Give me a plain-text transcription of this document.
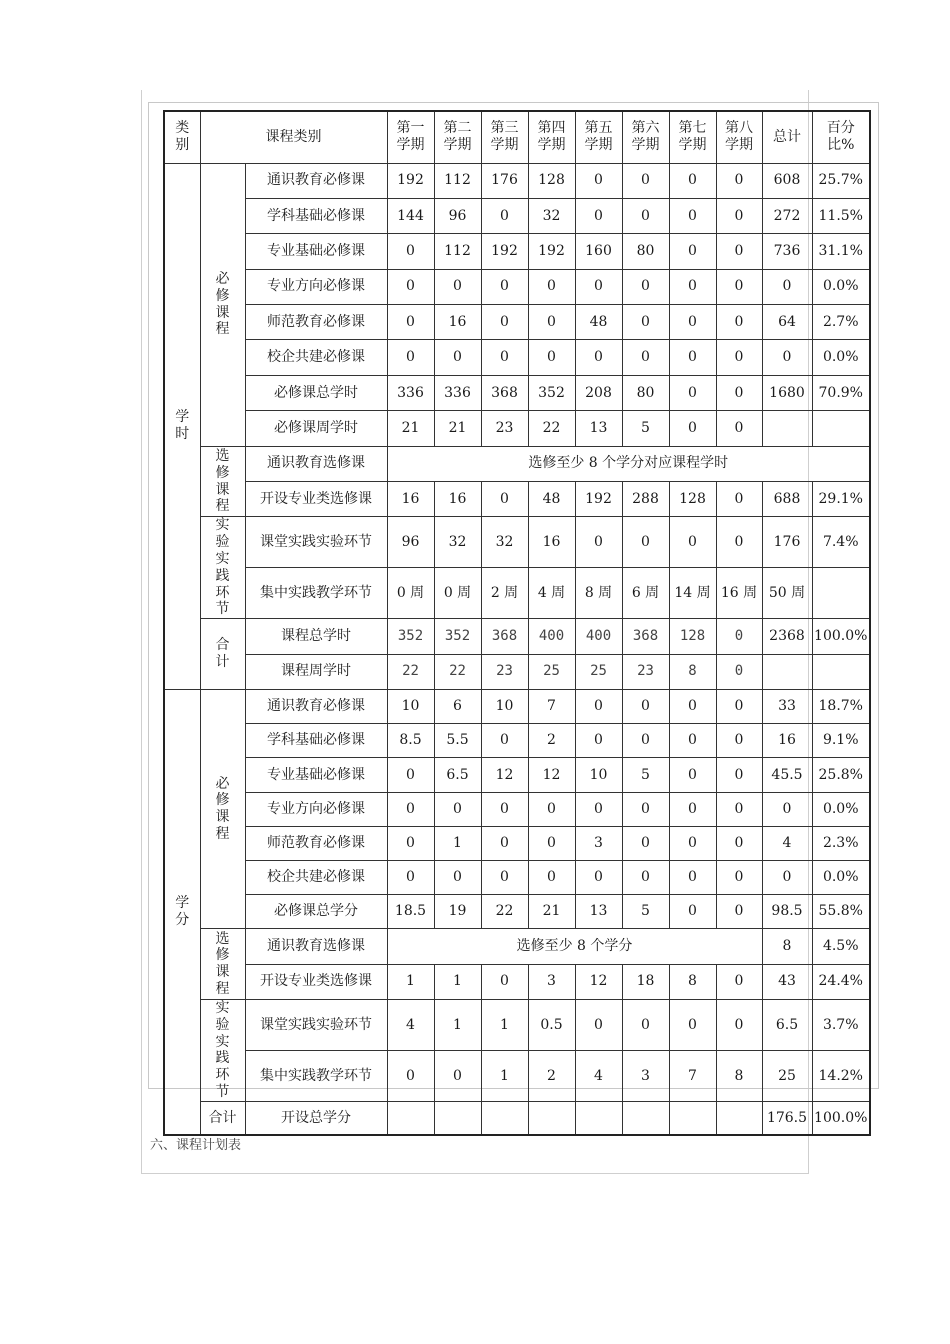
类别	课程类别		第一学期	第二学期	第三学期	第四学期	第五学期	第六学期	第七学期	第八学期	总计	百分比%
学
时	必修课程	通识教育必修课	192	112	176	128	0	0	0	0	608	25.7%
		学科基础必修课	144	96	0	32	0	0	0	0	272	11.5%
		专业基础必修课	0	112	192	192	160	80	0	0	736	31.1%
		专业方向必修课	0	0	0	0	0	0	0	0	0	0.0%
		师范教育必修课	0	16	0	0	48	0	0	0	64	2.7%
		校企共建必修课	0	0	0	0	0	0	0	0	0	0.0%
		必修课总学时	336	336	368	352	208	80	0	0	1680	70.9%
		必修课周学时	21	21	23	22	13	5	0	0		
	选修课程	通识教育选修课	选修至少 8 个学分对应课程学时									
		开设专业类选修课	16	16	0	48	192	288	128	0	688	29.1%
	实验实践环节	课堂实践实验环节	96	32	32	16	0	0	0	0	176	7.4%
		集中实践教学环节	0 周	0 周	2 周	4 周	8 周	6 周	14 周	16 周	50 周	
	合计	课程总学时	352	352	368	400	400	368	128	0	2368	100.0%
		课程周学时	22	22	23	25	25	23	8	0		
学
分	必修课程	通识教育必修课	10	6	10	7	0	0	0	0	33	18.7%
		学科基础必修课	8.5	5.5	0	2	0	0	0	0	16	9.1%
		专业基础必修课	0	6.5	12	12	10	5	0	0	45.5	25.8%
		专业方向必修课	0	0	0	0	0	0	0	0	0	0.0%
		师范教育必修课	0	1	0	0	3	0	0	0	4	2.3%
		校企共建必修课	0	0	0	0	0	0	0	0	0	0.0%
		必修课总学分	18.5	19	22	21	13	5	0	0	98.5	55.8%
	选修课程	通识教育选修课	选修至少 8 个学分								8	4.5%
		开设专业类选修课	1	1	0	3	12	18	8	0	43	24.4%
	实验实践环节	课堂实践实验环节	4	1	1	0.5	0	0	0	0	6.5	3.7%
		集中实践教学环节	0	0	1	2	4	3	7	8	25	14.2%
	合计	开设总学分									176.5	100.0%
六、课程计划表
